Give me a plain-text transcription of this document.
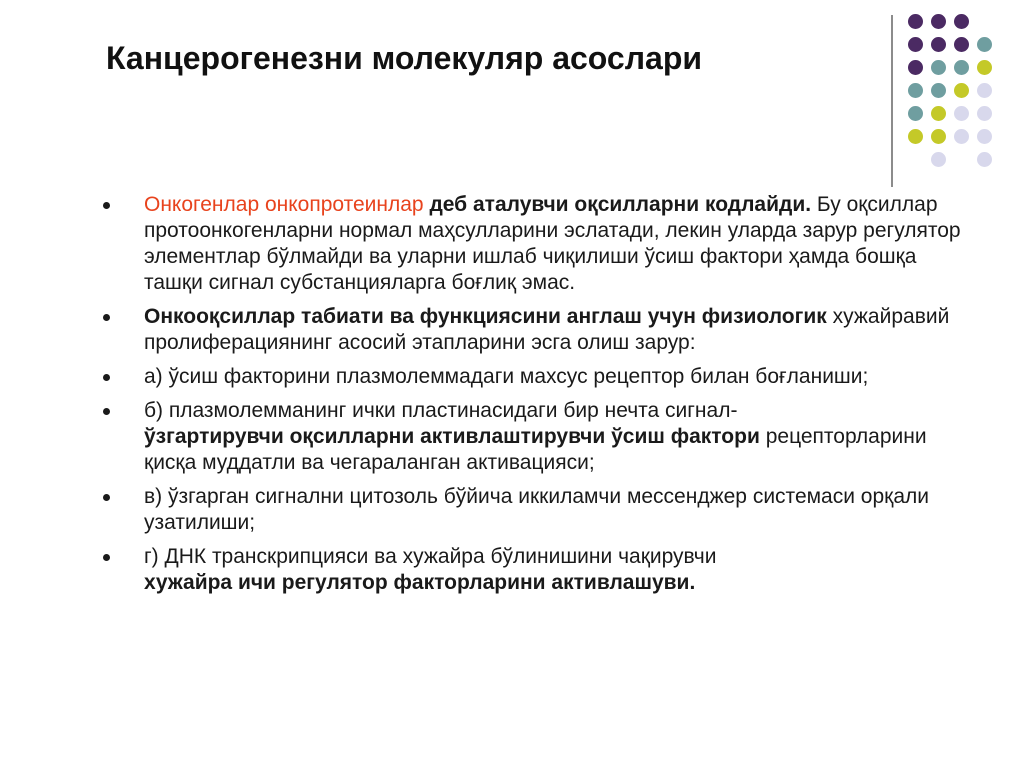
Канцерогенезни молекуляр асослари
Онкогенлар онкопротеинлар деб аталувчи оқсилларни кодлайди. Бу оқсиллар протоонкогенларни нормал маҳсулларини эслатади, лекин уларда зарур регулятор элементлар бўлмайди ва уларни ишлаб чиқилиши ўсиш фактори ҳамда бошқа ташқи сигнал субстанцияларга боғлиқ эмас.
Онкооқсиллар табиати ва функциясини англаш учун физиологик хужайравий пролиферациянинг асосий этапларини эсга олиш зарур:
а) ўсиш факторини плазмолеммадаги махсус рецептор билан боғланиши;
б) плазмолемманинг ички пластинасидаги бир нечта сигнал-
ўзгартирувчи оқсилларни активлаштирувчи ўсиш фактори рецепторларини қисқа муддатли ва чегараланган активацияси;
в) ўзгарган сигнални цитозоль бўйича иккиламчи мессенджер системаси орқали узатилиши;
г) ДНК транскрипцияси ва хужайра бўлинишини чақирувчи
хужайра ичи регулятор факторларини активлашуви.
